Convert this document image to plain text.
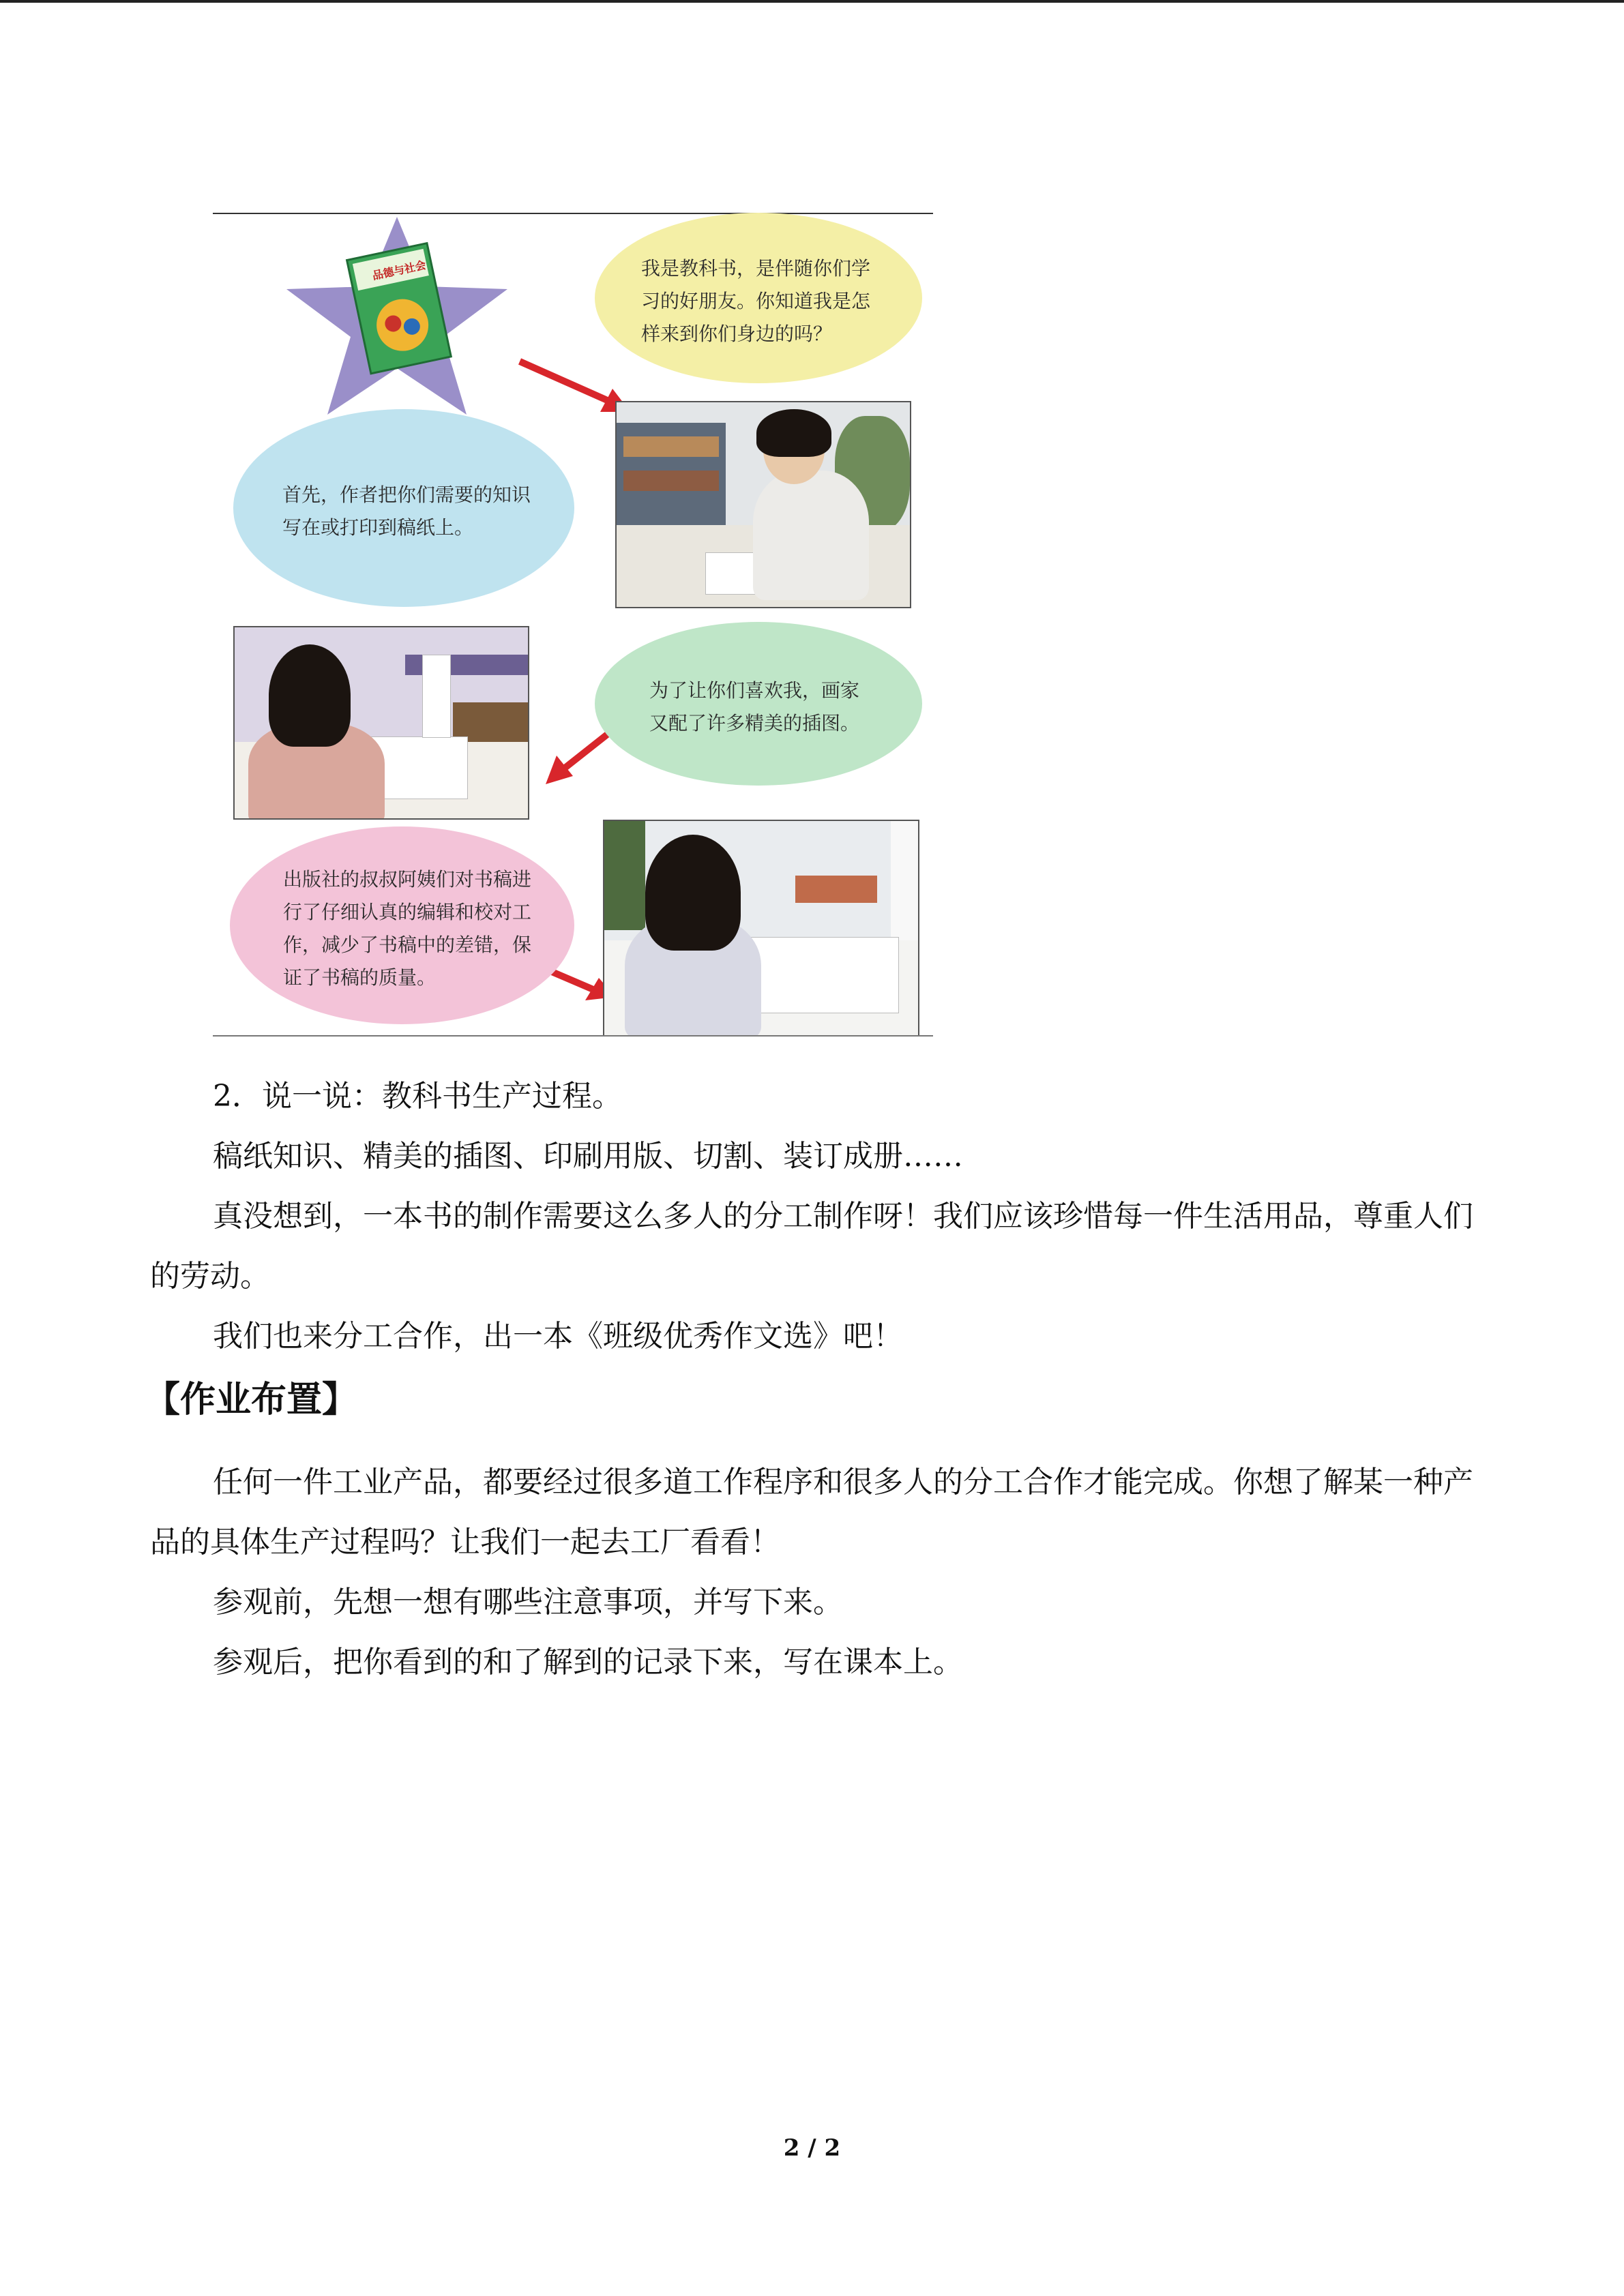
品德与社会	我是教科书，是伴随你们学习的好朋友。你知道我是怎样来到你们身边的吗？
首先，作者把你们需要的知识写在或打印到稿纸上。
为了让你们喜欢我，画家又配了许多精美的插图。
出版社的叔叔阿姨们对书稿进行了仔细认真的编辑和校对工作，减少了书稿中的差错，保证了书稿的质量。

2．说一说：教科书生产过程。

稿纸知识、精美的插图、印刷用版、切割、装订成册……

真没想到，一本书的制作需要这么多人的分工制作呀！我们应该珍惜每一件生活用品，尊重人们的劳动。

我们也来分工合作，出一本《班级优秀作文选》吧！

【作业布置】

任何一件工业产品，都要经过很多道工作程序和很多人的分工合作才能完成。你想了解某一种产品的具体生产过程吗？让我们一起去工厂看看！

参观前，先想一想有哪些注意事项，并写下来。

参观后，把你看到的和了解到的记录下来，写在课本上。

2 / 2
